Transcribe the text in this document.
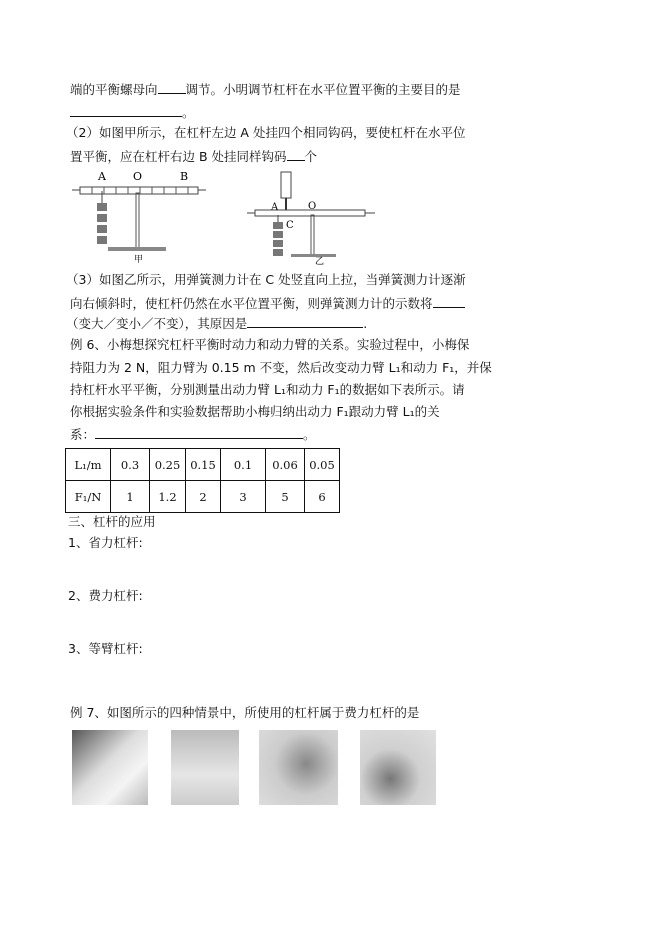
端的平衡螺母向 调节。小明调节杠杆在水平位置平衡的主要目的是
。
（2）如图甲所示，在杠杆左边 A 处挂四个相同钩码，要使杠杆在水平位
置平衡，应在杠杆右边 B 处挂同样钩码 个
A O	B
甲
A	O
C
乙
（3）如图乙所示，用弹簧测力计在 C 处竖直向上拉，当弹簧测力计逐渐
向右倾斜时，使杠杆仍然在水平位置平衡，则弹簧测力计的示数将
（变大／变小／不变），其原因是	.
例 6、小梅想探究杠杆平衡时动力和动力臂的关系。实验过程中，小梅保
持阻力为 2 N，阻力臂为 0.15 m 不变，然后改变动力臂 L₁和动力 F₁，并保
持杠杆水平平衡，分别测量出动力臂 L₁和动力 F₁的数据如下表所示。请
你根据实验条件和实验数据帮助小梅归纳出动力 F₁跟动力臂 L₁的关
系：	。
L₁/m	0.3	0.25	0.15	0.1	0.06	0.05
F₁/N	1	1.2	2	3	5	6
三、杠杆的应用
1、省力杠杆:
2、费力杠杆:
3、等臂杠杆:
例 7、如图所示的四种情景中，所使用的杠杆属于费力杠杆的是
